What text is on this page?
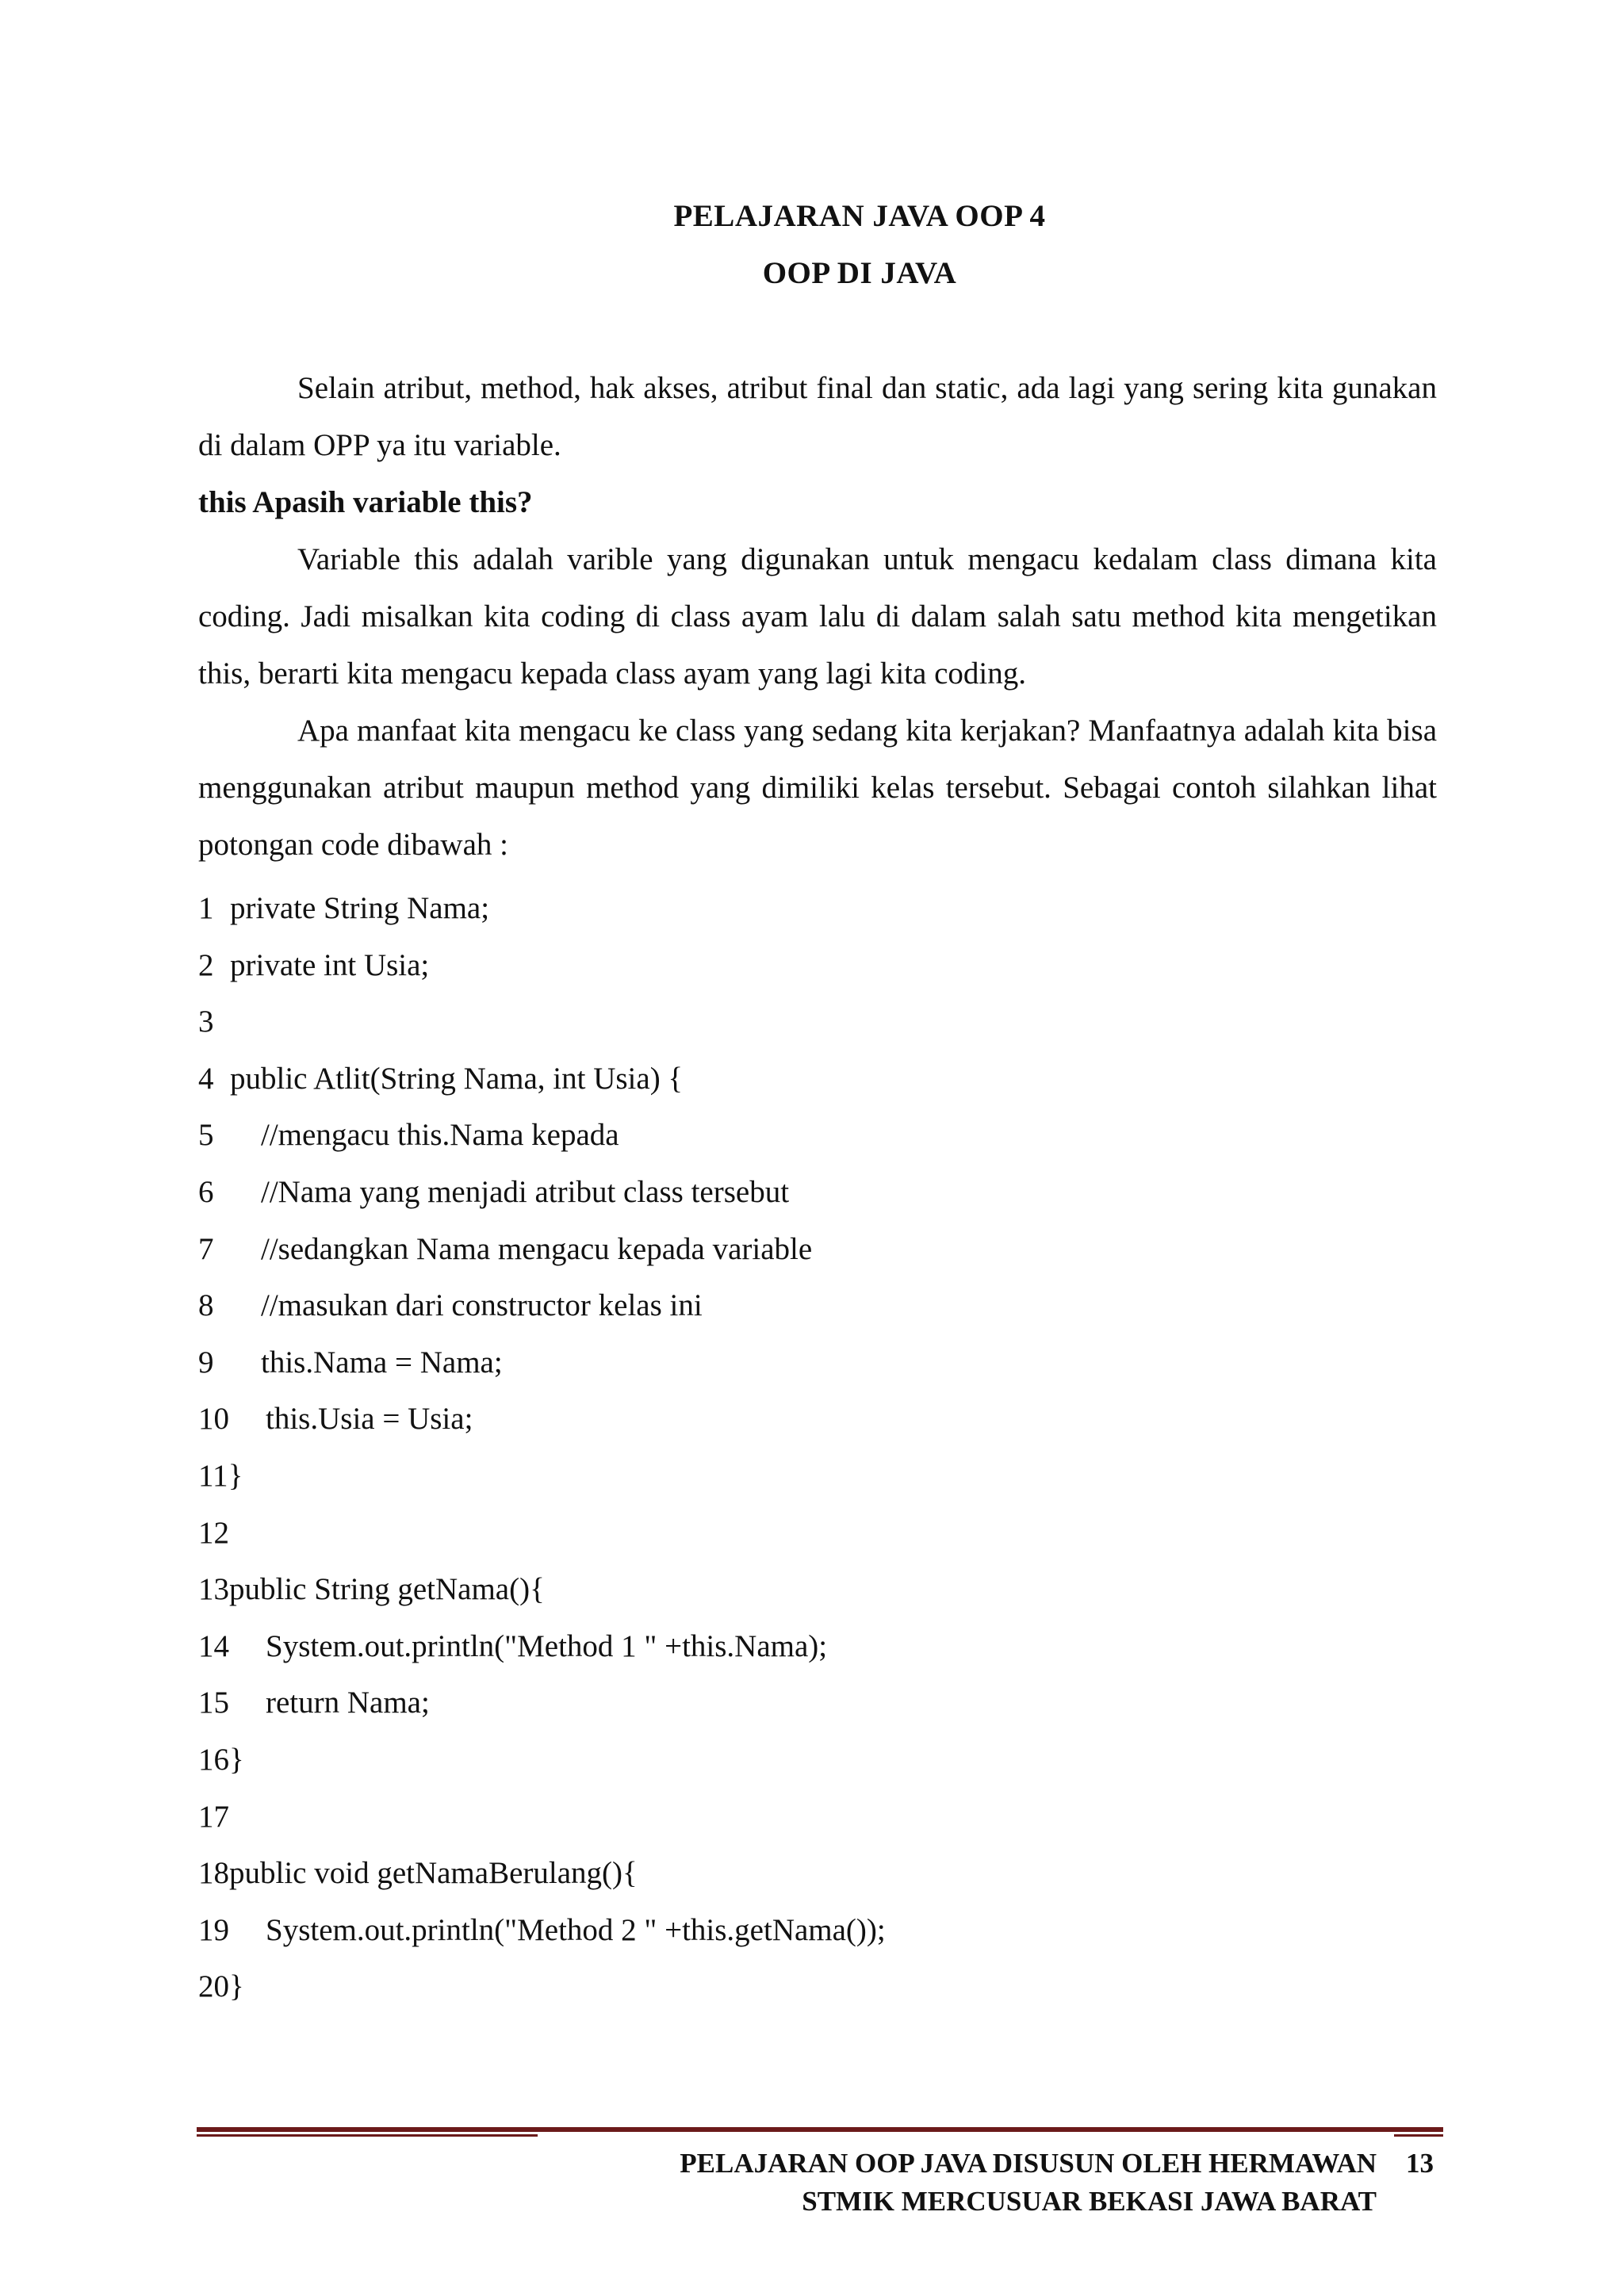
PELAJARAN JAVA OOP 4
OOP DI JAVA

Selain atribut, method, hak akses, atribut final dan static, ada lagi yang sering kita gunakan di dalam OPP ya itu variable.

this Apasih variable this?

Variable this adalah varible yang digunakan untuk mengacu kedalam class dimana kita coding. Jadi misalkan kita coding di class ayam lalu di dalam salah satu method kita mengetikan this, berarti kita mengacu kepada class ayam yang lagi kita coding.

Apa manfaat kita mengacu ke class yang sedang kita kerjakan? Manfaatnya adalah kita bisa menggunakan atribut maupun method yang dimiliki kelas tersebut. Sebagai contoh silahkan lihat potongan code dibawah :

1 private String Nama;
2 private int Usia;
3
4 public Atlit(String Nama, int Usia) {
5 //mengacu this.Nama kepada
6 //Nama yang menjadi atribut class tersebut
7 //sedangkan Nama mengacu kepada variable
8 //masukan dari constructor kelas ini
9 this.Nama = Nama;
10	this.Usia = Usia;
11 }
12
13 public String getNama(){
14	System.out.println("Method 1 " +this.Nama);
15	return Nama;
16 }
17
18 public void getNamaBerulang(){
19	System.out.println("Method 2 " +this.getNama());
20 }
PELAJARAN OOP JAVA DISUSUN OLEH HERMAWAN
STMIK MERCUSUAR BEKASI JAWA BARAT
13
